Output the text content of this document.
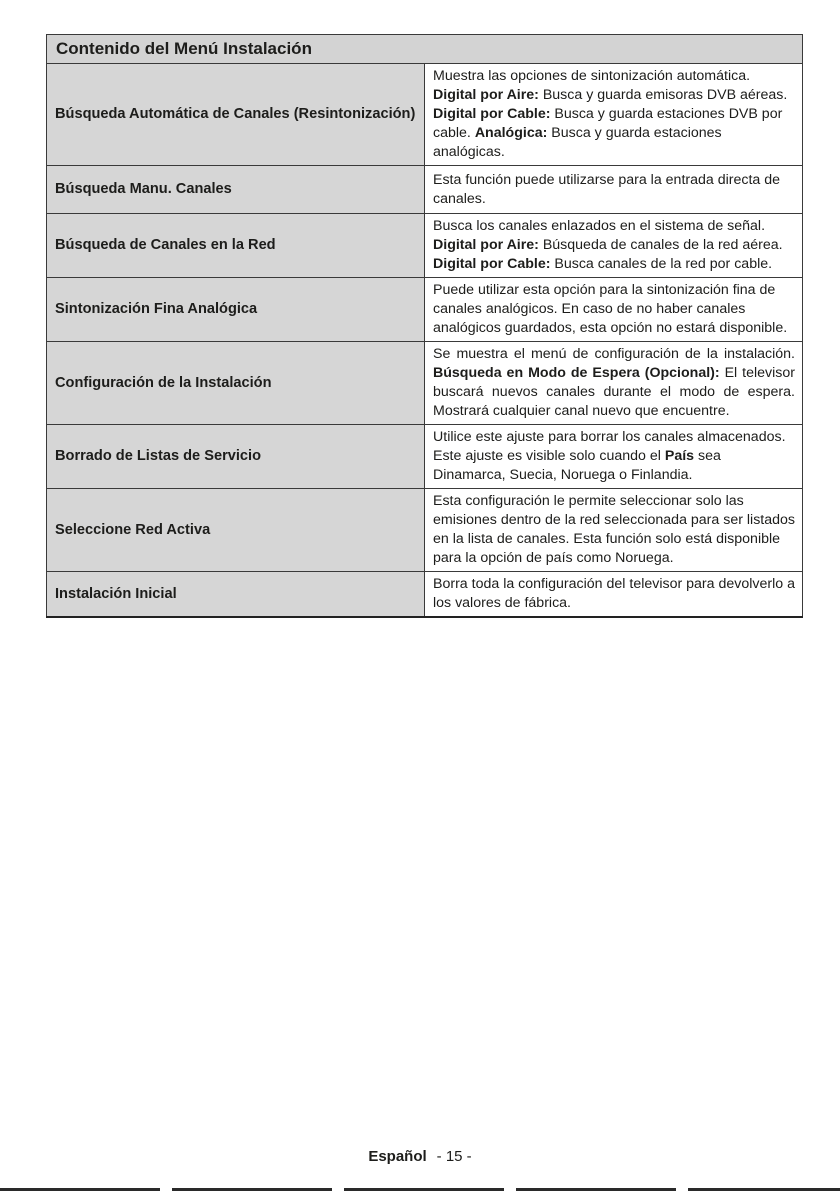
Contenido del Menú Instalación	
Búsqueda Automática de Canales (Resintonización)	Muestra las opciones de sintonización automática. Digital por Aire: Busca y guarda emisoras DVB aéreas. Digital por Cable: Busca y guarda estaciones DVB por cable. Analógica: Busca y guarda estaciones analógicas.
Búsqueda Manu. Canales	Esta función puede utilizarse para la entrada directa de canales.
Búsqueda de Canales en la Red	Busca los canales enlazados en el sistema de señal. Digital por Aire: Búsqueda de canales de la red aérea. Digital por Cable: Busca canales de la red por cable.
Sintonización Fina Analógica	Puede utilizar esta opción para la sintonización fina de canales analógicos. En caso de no haber canales analógicos guardados, esta opción no estará disponible.
Configuración de la Instalación	Se muestra el menú de configuración de la instalación. Búsqueda en Modo de Espera (Opcional): El televisor buscará nuevos canales durante el modo de espera. Mostrará cualquier canal nuevo que encuentre.
Borrado de Listas de Servicio	Utilice este ajuste para borrar los canales almacenados. Este ajuste es visible solo cuando el País sea Dinamarca, Suecia, Noruega o Finlandia.
Seleccione Red Activa	Esta configuración le permite seleccionar solo las emisiones dentro de la red seleccionada para ser listados en la lista de canales. Esta función solo está disponible para la opción de país como Noruega.
Instalación Inicial	Borra toda la configuración del televisor para devolverlo a los valores de fábrica.
Español - 15 -
